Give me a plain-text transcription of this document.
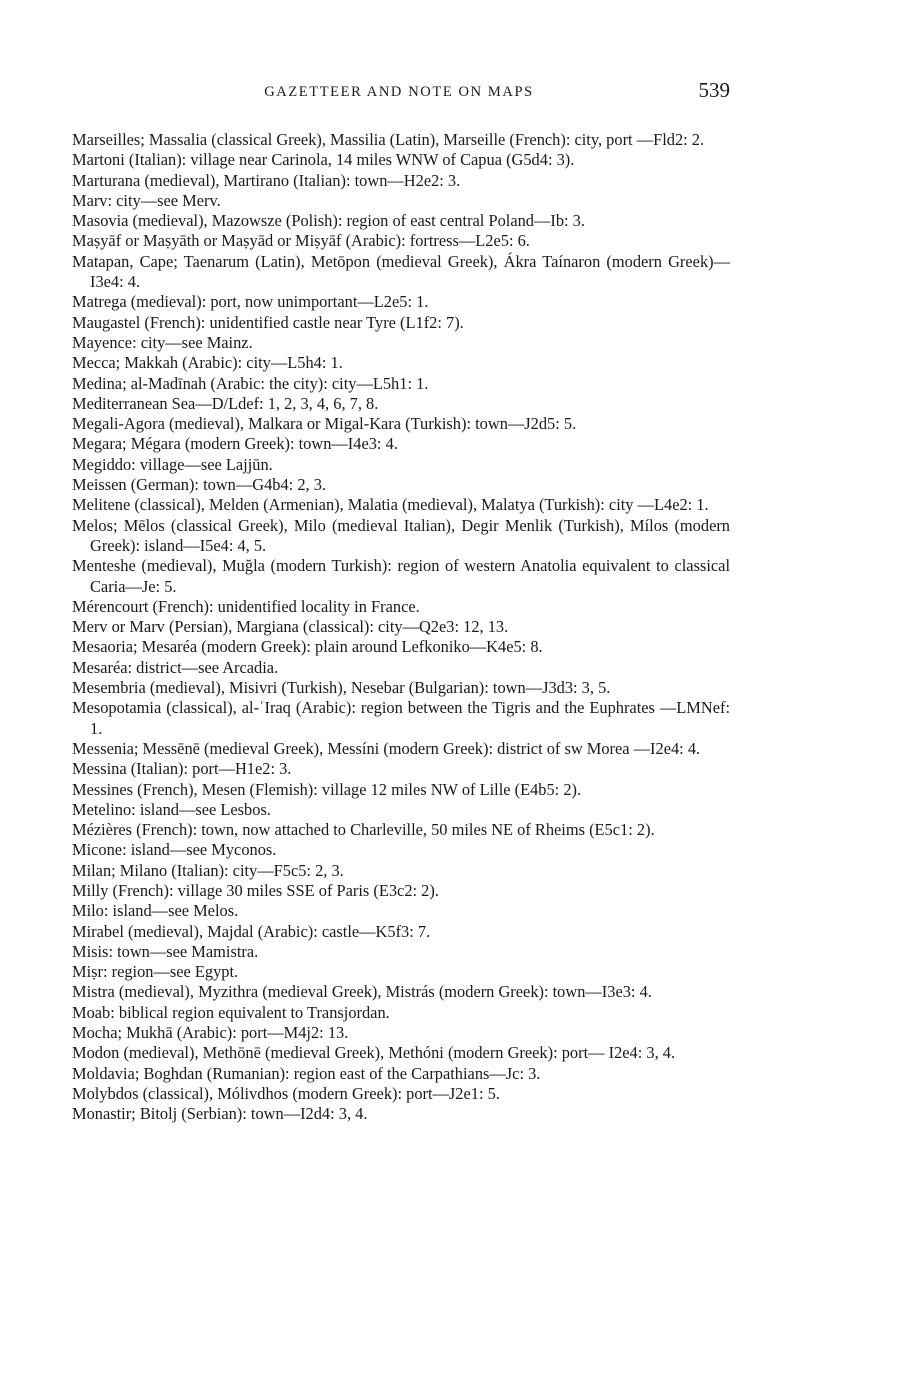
GAZETTEER AND NOTE ON MAPS	539
Marseilles; Massalia (classical Greek), Massilia (Latin), Marseille (French): city, port —Fld2: 2.
Martoni (Italian): village near Carinola, 14 miles WNW of Capua (G5d4: 3).
Marturana (medieval), Martirano (Italian): town—H2e2: 3.
Marv: city—see Merv.
Masovia (medieval), Mazowsze (Polish): region of east central Poland—Ib: 3.
Maṣyāf or Maṣyāth or Maṣyād or Miṣyāf (Arabic): fortress—L2e5: 6.
Matapan, Cape; Taenarum (Latin), Metōpon (medieval Greek), Ákra Taínaron (modern Greek)—I3e4: 4.
Matrega (medieval): port, now unimportant—L2e5: 1.
Maugastel (French): unidentified castle near Tyre (L1f2: 7).
Mayence: city—see Mainz.
Mecca; Makkah (Arabic): city—L5h4: 1.
Medina; al-Madīnah (Arabic: the city): city—L5h1: 1.
Mediterranean Sea—D/Ldef: 1, 2, 3, 4, 6, 7, 8.
Megali-Agora (medieval), Malkara or Migal-Kara (Turkish): town—J2d5: 5.
Megara; Mégara (modern Greek): town—I4e3: 4.
Megiddo: village—see Lajjūn.
Meissen (German): town—G4b4: 2, 3.
Melitene (classical), Melden (Armenian), Malatia (medieval), Malatya (Turkish): city —L4e2: 1.
Melos; Mēlos (classical Greek), Milo (medieval Italian), Degir Menlik (Turkish), Mílos (modern Greek): island—I5e4: 4, 5.
Menteshe (medieval), Muğla (modern Turkish): region of western Anatolia equivalent to classical Caria—Je: 5.
Mérencourt (French): unidentified locality in France.
Merv or Marv (Persian), Margiana (classical): city—Q2e3: 12, 13.
Mesaoria; Mesaréa (modern Greek): plain around Lefkoniko—K4e5: 8.
Mesaréa: district—see Arcadia.
Mesembria (medieval), Misivri (Turkish), Nesebar (Bulgarian): town—J3d3: 3, 5.
Mesopotamia (classical), al-ʿIraq (Arabic): region between the Tigris and the Euphrates —LMNef: 1.
Messenia; Messēnē (medieval Greek), Messíni (modern Greek): district of sw Morea —I2e4: 4.
Messina (Italian): port—H1e2: 3.
Messines (French), Mesen (Flemish): village 12 miles NW of Lille (E4b5: 2).
Metelino: island—see Lesbos.
Mézières (French): town, now attached to Charleville, 50 miles NE of Rheims (E5c1: 2).
Micone: island—see Myconos.
Milan; Milano (Italian): city—F5c5: 2, 3.
Milly (French): village 30 miles SSE of Paris (E3c2: 2).
Milo: island—see Melos.
Mirabel (medieval), Majdal (Arabic): castle—K5f3: 7.
Misis: town—see Mamistra.
Miṣr: region—see Egypt.
Mistra (medieval), Myzithra (medieval Greek), Mistrás (modern Greek): town—I3e3: 4.
Moab: biblical region equivalent to Transjordan.
Mocha; Mukhā (Arabic): port—M4j2: 13.
Modon (medieval), Methōnē (medieval Greek), Methóni (modern Greek): port— I2e4: 3, 4.
Moldavia; Boghdan (Rumanian): region east of the Carpathians—Jc: 3.
Molybdos (classical), Mólivdhos (modern Greek): port—J2e1: 5.
Monastir; Bitolj (Serbian): town—I2d4: 3, 4.
